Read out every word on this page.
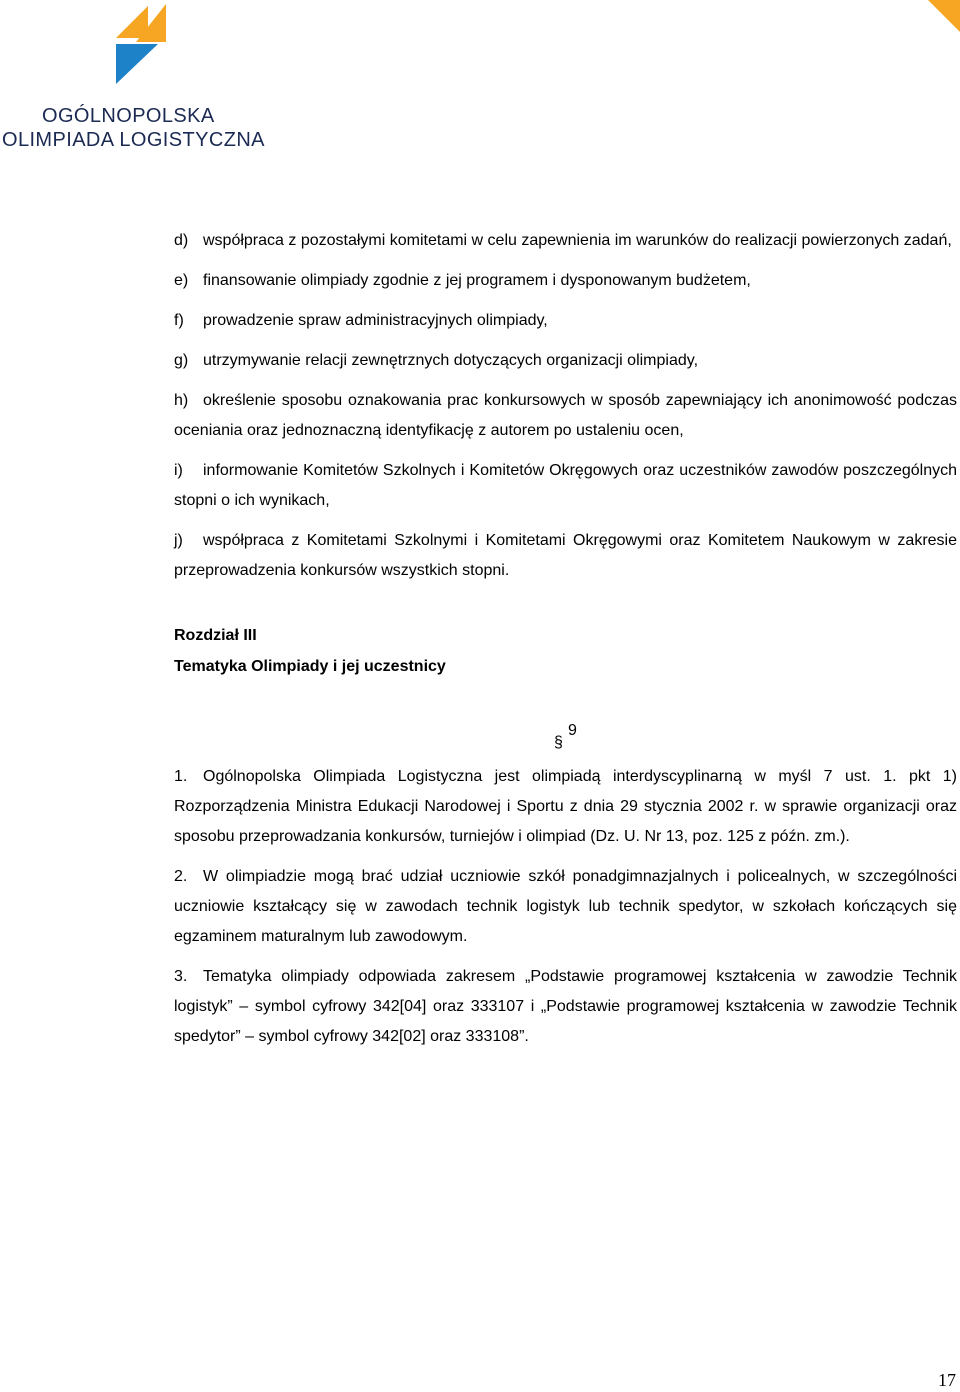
OGÓLNOPOLSKA
OLIMPIADA LOGISTYCZNA

d) współpraca z pozostałymi komitetami w celu zapewnienia im warunków do realizacji powierzonych zadań,

e) finansowanie olimpiady zgodnie z jej programem i dysponowanym budżetem,

f) prowadzenie spraw administracyjnych olimpiady,

g) utrzymywanie relacji zewnętrznych dotyczących organizacji olimpiady,

h) określenie sposobu oznakowania prac konkursowych w sposób zapewniający ich anonimowość podczas oceniania oraz jednoznaczną identyfikację z autorem po ustaleniu ocen,

i) informowanie Komitetów Szkolnych i Komitetów Okręgowych oraz uczestników zawodów poszczególnych stopni o ich wynikach,

j) współpraca z Komitetami Szkolnymi i Komitetami Okręgowymi oraz Komitetem Naukowym w zakresie przeprowadzenia konkursów wszystkich stopni.

Rozdział III

Tematyka Olimpiady i jej uczestnicy

§
9

1. Ogólnopolska Olimpiada Logistyczna jest olimpiadą interdyscyplinarną w myśl 7 ust. 1. pkt 1) Rozporządzenia Ministra Edukacji Narodowej i Sportu z dnia 29 stycznia 2002 r. w sprawie organizacji oraz sposobu przeprowadzania konkursów, turniejów i olimpiad (Dz. U. Nr 13, poz. 125 z późn. zm.).

2. W olimpiadzie mogą brać udział uczniowie szkół ponadgimnazjalnych i policealnych, w szczególności uczniowie kształcący się w zawodach technik logistyk lub technik spedytor, w szkołach kończących się egzaminem maturalnym lub zawodowym.

3. Tematyka olimpiady odpowiada zakresem „Podstawie programowej kształcenia w zawodzie Technik logistyk” – symbol cyfrowy 342[04] oraz 333107 i „Podstawie programowej kształcenia w zawodzie Technik spedytor” – symbol cyfrowy 342[02] oraz 333108”.

17
